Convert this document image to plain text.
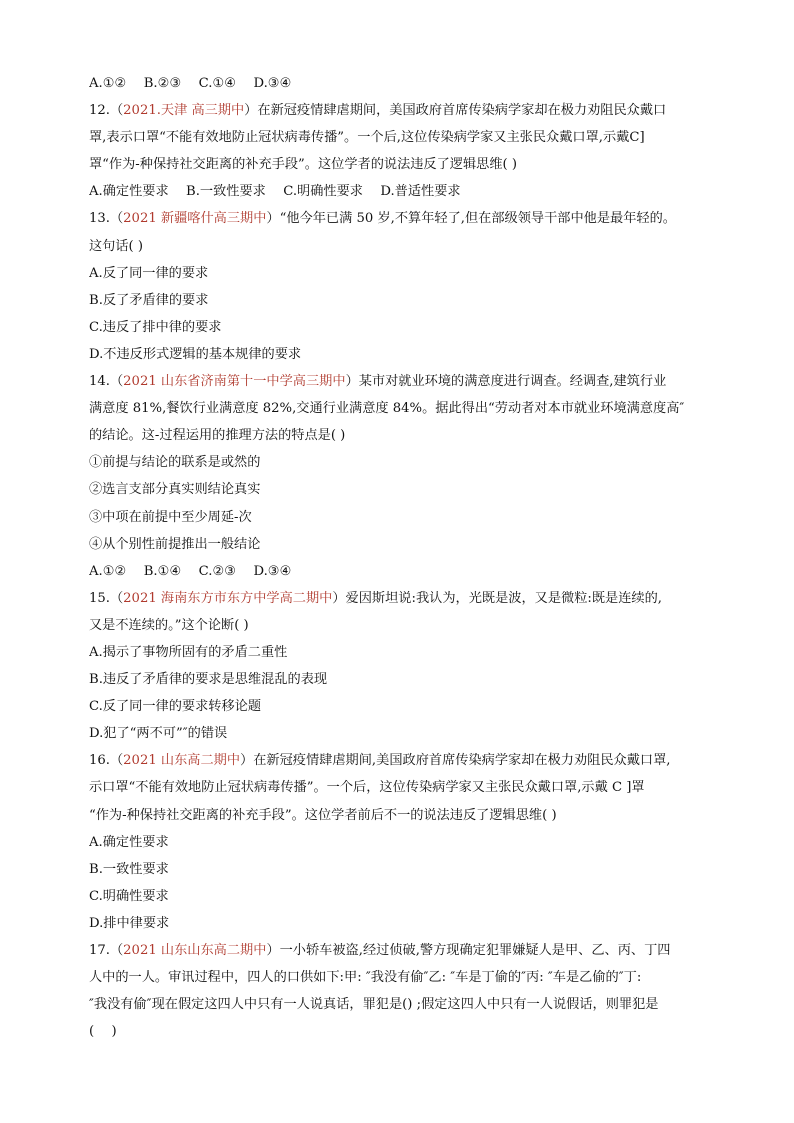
A.①②　 B.②③　 C.①④　 D.③④
12.（2021.天津 高三期中）在新冠疫情肆虐期间，美国政府首席传染病学家却在极力劝阻民众戴口
罩,表示口罩“不能有效地防止冠状病毒传播”。一个后,这位传染病学家又主张民众戴口罩,示戴C]
罩“作为-种保持社交距离的补充手段”。这位学者的说法违反了逻辑思维( )
A.确定性要求　 B.一致性要求　 C.明确性要求　 D.普适性要求
13.（2021 新疆喀什高三期中）“他今年已满 50 岁,不算年轻了,但在部级领导干部中他是最年轻的。
这句话( )
A.反了同一律的要求
B.反了矛盾律的要求
C.违反了排中律的要求
D.不违反形式逻辑的基本规律的要求
14.（2021 山东省济南第十一中学高三期中）某市对就业环境的满意度进行调查。经调查,建筑行业
满意度 81%,餐饮行业满意度 82%,交通行业满意度 84%。据此得出“劳动者对本市就业环境满意度高″
的结论。这-过程运用的推理方法的特点是( )
①前提与结论的联系是或然的
②选言支部分真实则结论真实
③中项在前提中至少周延-次
④从个别性前提推出一般结论
A.①②　 B.①④　 C.②③　 D.③④
15.（2021 海南东方市东方中学高二期中）爱因斯坦说:我认为，光既是波，又是微粒:既是连续的,
又是不连续的。”这个论断( )
A.揭示了事物所固有的矛盾二重性
B.违反了矛盾律的要求是思维混乱的表现
C.反了同一律的要求转移论题
D.犯了“两不可”″的错误
16.（2021 山东高二期中）在新冠疫情肆虐期间,美国政府首席传染病学家却在极力劝阻民众戴口罩,
示口罩“不能有效地防止冠状病毒传播”。一个后，这位传染病学家又主张民众戴口罩,示戴 C ]罩
“作为-种保持社交距离的补充手段”。这位学者前后不一的说法违反了逻辑思维( )
A.确定性要求
B.一致性要求
C.明确性要求
D.排中律要求
17.（2021 山东山东高二期中）一小轿车被盗,经过侦破,警方现确定犯罪嫌疑人是甲、乙、丙、丁四
人中的一人。审讯过程中，四人的口供如下:甲: ″我没有偷″乙: ″车是丁偷的″丙: ″车是乙偷的″丁:
″我没有偷″现在假定这四人中只有一人说真话，罪犯是() ;假定这四人中只有一人说假话，则罪犯是
(　 )
